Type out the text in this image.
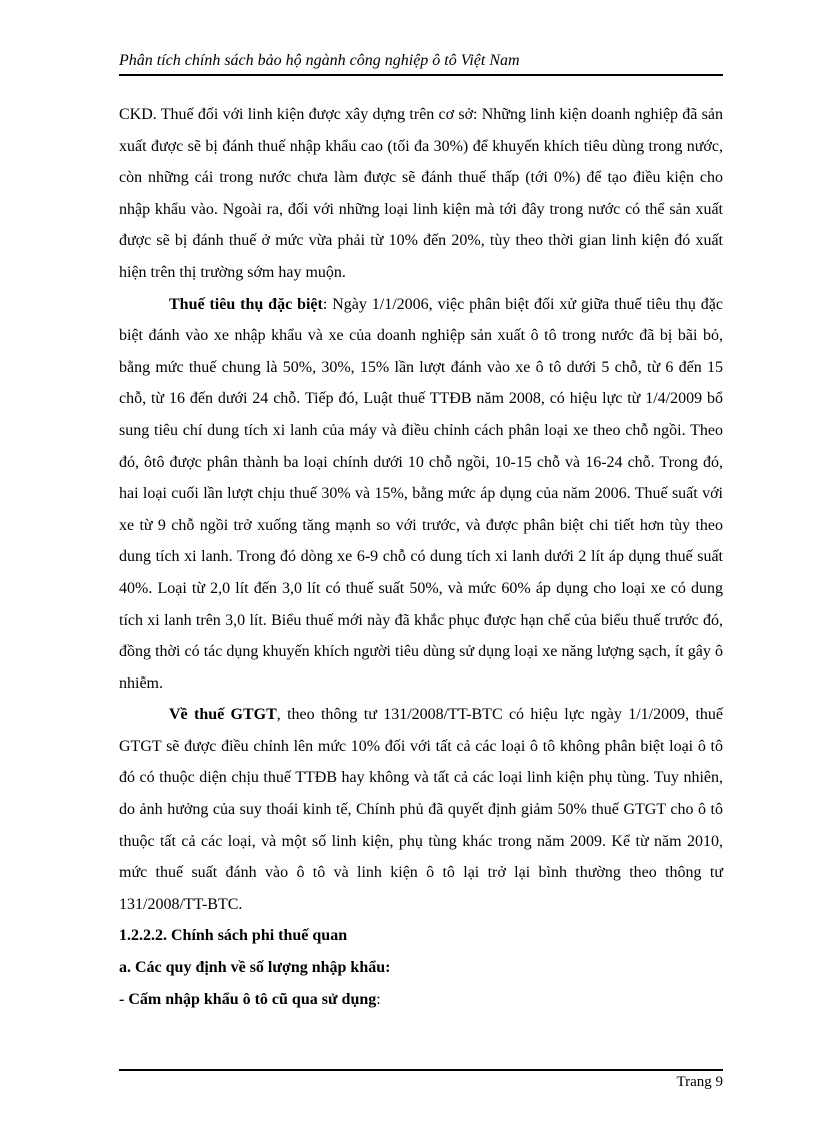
Phân tích chính sách bảo hộ ngành công nghiệp ô tô Việt Nam

CKD. Thuế đối với linh kiện được xây dựng trên cơ sở: Những linh kiện doanh nghiệp đã sản xuất được sẽ bị đánh thuế nhập khẩu cao (tối đa 30%) để khuyến khích tiêu dùng trong nước, còn những cái trong nước chưa làm được sẽ đánh thuế thấp (tới 0%) để tạo điều kiện cho nhập khẩu vào. Ngoài ra, đối với những loại linh kiện mà tới đây trong nước có thể sản xuất được sẽ bị đánh thuế ở mức vừa phải từ 10% đến 20%, tùy theo thời gian linh kiện đó xuất hiện trên thị trường sớm hay muộn.

Thuế tiêu thụ đặc biệt: Ngày 1/1/2006, việc phân biệt đối xử giữa thuế tiêu thụ đặc biệt đánh vào xe nhập khẩu và xe của doanh nghiệp sản xuất ô tô trong nước đã bị bãi bỏ, bằng mức thuế chung là 50%, 30%, 15% lần lượt đánh vào xe ô tô dưới 5 chỗ, từ 6 đến 15 chỗ, từ 16 đến dưới 24 chỗ. Tiếp đó, Luật thuế TTĐB năm 2008, có hiệu lực từ 1/4/2009 bổ sung tiêu chí dung tích xi lanh của máy và điều chỉnh cách phân loại xe theo chỗ ngồi. Theo đó, ôtô được phân thành ba loại chính dưới 10 chỗ ngồi, 10-15 chỗ và 16-24 chỗ. Trong đó, hai loại cuối lần lượt chịu thuế 30% và 15%, bằng mức áp dụng của năm 2006. Thuế suất với xe từ 9 chỗ ngồi trở xuống tăng mạnh so với trước, và được phân biệt chi tiết hơn tùy theo dung tích xi lanh. Trong đó dòng xe 6-9 chỗ có dung tích xi lanh dưới 2 lít áp dụng thuế suất 40%. Loại từ 2,0 lít đến 3,0 lít có thuế suất 50%, và mức 60% áp dụng cho loại xe có dung tích xi lanh trên 3,0 lít. Biểu thuế mới này đã khắc phục được hạn chế của biểu thuế trước đó, đồng thời có tác dụng khuyến khích người tiêu dùng sử dụng loại xe năng lượng sạch, ít gây ô nhiễm.

Về thuế GTGT, theo thông tư 131/2008/TT-BTC có hiệu lực ngày 1/1/2009, thuế GTGT sẽ được điều chỉnh lên mức 10% đối với tất cả các loại ô tô không phân biệt loại ô tô đó có thuộc diện chịu thuế TTĐB hay không và tất cả các loại linh kiện phụ tùng. Tuy nhiên, do ảnh hưởng của suy thoái kinh tế, Chính phủ đã quyết định giảm 50% thuế GTGT cho ô tô thuộc tất cả các loại, và một số linh kiện, phụ tùng khác trong năm 2009. Kể từ năm 2010, mức thuế suất đánh vào ô tô và linh kiện ô tô lại trở lại bình thường theo thông tư 131/2008/TT-BTC.

1.2.2.2. Chính sách phi thuế quan

a. Các quy định về số lượng nhập khẩu:

- Cấm nhập khẩu ô tô cũ qua sử dụng:

Trang 9
